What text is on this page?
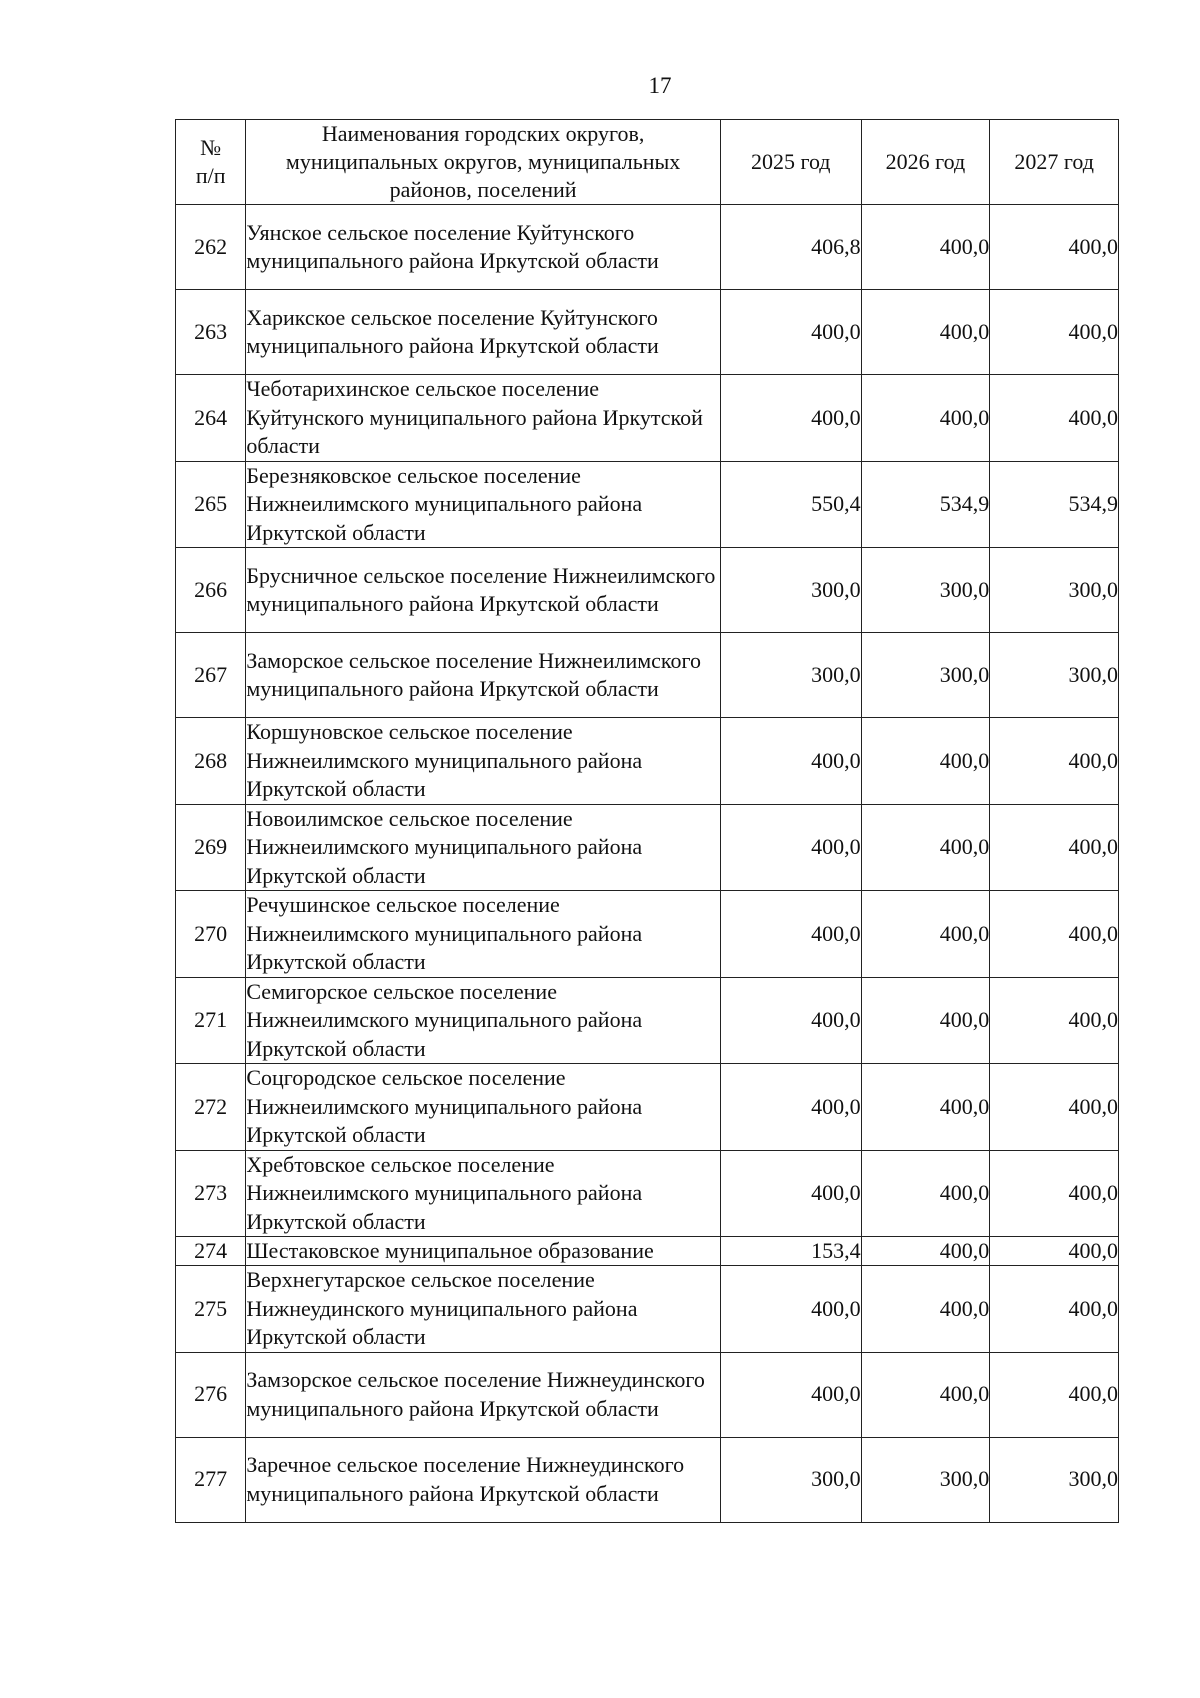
17
№
п/п	Наименования городских округов, муниципальных округов, муниципальных районов, поселений	2025 год	2026 год	2027 год
262	Уянское сельское поселение Куйтунского муниципального района Иркутской области	406,8	400,0	400,0
263	Харикское сельское поселение Куйтунского муниципального района Иркутской области	400,0	400,0	400,0
264	Чеботарихинское сельское поселение Куйтунского муниципального района Иркутской области	400,0	400,0	400,0
265	Березняковское сельское поселение Нижнеилимского муниципального района Иркутской области	550,4	534,9	534,9
266	Брусничное сельское поселение Нижнеилимского муниципального района Иркутской области	300,0	300,0	300,0
267	Заморское сельское поселение Нижнеилимского муниципального района Иркутской области	300,0	300,0	300,0
268	Коршуновское сельское поселение Нижнеилимского муниципального района Иркутской области	400,0	400,0	400,0
269	Новоилимское сельское поселение Нижнеилимского муниципального района Иркутской области	400,0	400,0	400,0
270	Речушинское сельское поселение Нижнеилимского муниципального района Иркутской области	400,0	400,0	400,0
271	Семигорское сельское поселение Нижнеилимского муниципального района Иркутской области	400,0	400,0	400,0
272	Соцгородское сельское поселение Нижнеилимского муниципального района Иркутской области	400,0	400,0	400,0
273	Хребтовское сельское поселение Нижнеилимского муниципального района Иркутской области	400,0	400,0	400,0
274	Шестаковское муниципальное образование	153,4	400,0	400,0
275	Верхнегутарское сельское поселение Нижнеудинского муниципального района Иркутской области	400,0	400,0	400,0
276	Замзорское сельское поселение Нижнеудинского муниципального района Иркутской области	400,0	400,0	400,0
277	Заречное сельское поселение Нижнеудинского муниципального района Иркутской области	300,0	300,0	300,0
